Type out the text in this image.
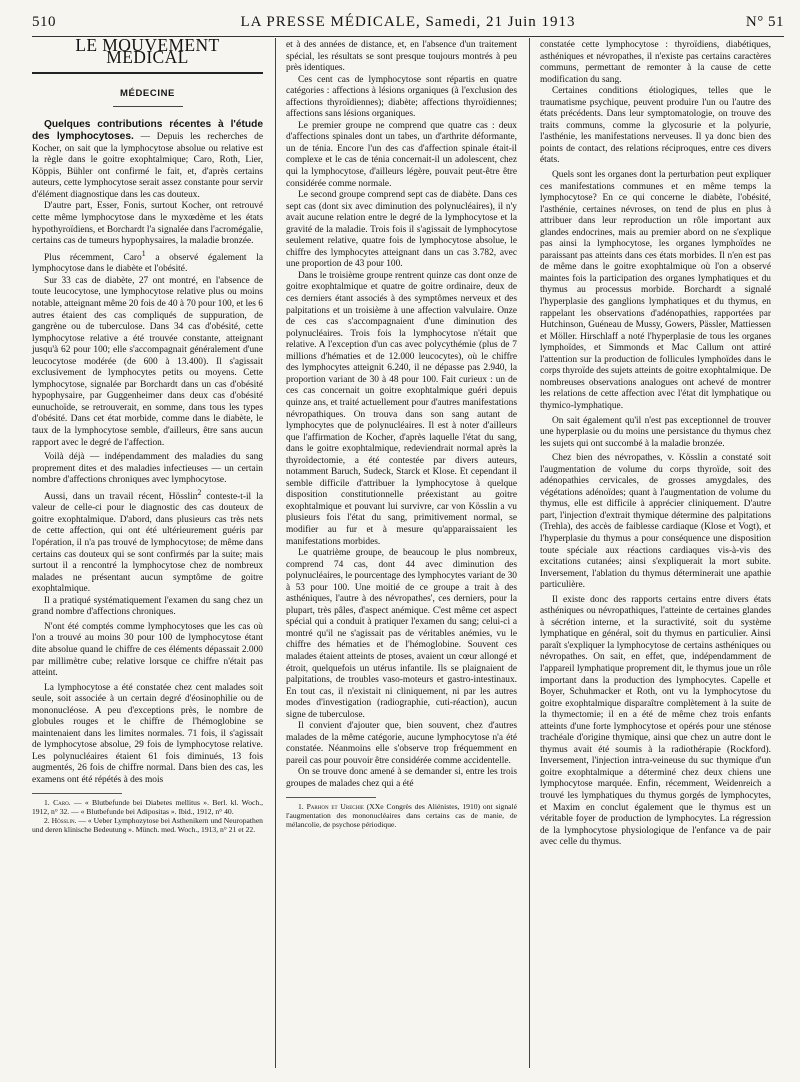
510	LA PRESSE MÉDICALE, Samedi, 21 Juin 1913	N° 51

LE MOUVEMENT MÉDICAL

MÉDECINE

Quelques contributions récentes à l'étude des lymphocytoses. — Depuis les recherches de Kocher, on sait que la lymphocytose absolue ou relative est la règle dans le goitre exophtalmique; Caro, Roth, Lier, Köppis, Bühler ont confirmé le fait, et, d'après certains auteurs, cette lymphocytose serait assez constante pour servir d'élément diagnostique dans les cas douteux.

D'autre part, Esser, Fonis, surtout Kocher, ont retrouvé cette même lymphocytose dans le myxœdème et les états hypothyroïdiens, et Borchardt l'a signalée dans l'acromégalie, certains cas de tumeurs hypophysaires, la maladie bronzée.

Plus récemment, Caro$^1$ a observé également la lymphocytose dans le diabète et l'obésité.

Sur 33 cas de diabète, 27 ont montré, en l'absence de toute leucocytose, une lymphocytose relative plus ou moins notable, atteignant même 20 fois de 40 à 70 pour 100, et les 6 autres étaient des cas compliqués de suppuration, de gangrène ou de tuberculose. Dans 34 cas d'obésité, cette lymphocytose relative a été trouvée constante, atteignant jusqu'à 62 pour 100; elle s'accompagnait généralement d'une leucocytose modérée (de 600 à 13.400). Il s'agissait exclusivement de lymphocytes petits ou moyens. Cette lymphocytose, signalée par Borchardt dans un cas d'obésité hypophysaire, par Guggenheimer dans deux cas d'obésité eunuchoïde, se retrouverait, en somme, dans tous les types d'obésité. Dans cet état morbide, comme dans le diabète, le taux de la lymphocytose semble, d'ailleurs, être sans aucun rapport avec le degré de l'affection.

Voilà déjà — indépendamment des maladies du sang proprement dites et des maladies infectieuses — un certain nombre d'affections chroniques avec lymphocytose.

Aussi, dans un travail récent, Hösslin$^2$ conteste-t-il la valeur de celle-ci pour le diagnostic des cas douteux de goitre exophtalmique. D'abord, dans plusieurs cas très nets de cette affection, qui ont été ultérieurement guéris par l'opération, il n'a pas trouvé de lymphocytose; de même dans certains cas douteux qui se sont confirmés par la suite; mais surtout il a rencontré la lymphocytose chez de nombreux malades ne présentant aucun symptôme de goitre exophtalmique.

Il a pratiqué systématiquement l'examen du sang chez un grand nombre d'affections chroniques.

N'ont été comptés comme lymphocytoses que les cas où l'on a trouvé au moins 30 pour 100 de lymphocytose étant dite absolue quand le chiffre de ces éléments dépassait 2.000 par millimètre cube; relative lorsque ce chiffre n'était pas atteint.

La lymphocytose a été constatée chez cent malades soit seule, soit associée à un certain degré d'éosinophilie ou de mononucléose. A peu d'exceptions près, le nombre de globules rouges et le chiffre de l'hémoglobine se maintenaient dans les limites normales. 71 fois, il s'agissait de lymphocytose absolue, 29 fois de lymphocytose relative. Les polynucléaires étaient 61 fois diminués, 13 fois augmentés, 26 fois de chiffre normal. Dans bien des cas, les examens ont été répétés à des mois

1. Caro. — « Blutbefunde bei Diabetes mellitus ». Berl. kl. Woch., 1912, n° 32. — « Blutbefunde bei Adipositas ». Ibid., 1912, n° 40.

2. Hösslin. — « Ueber Lymphozytose bei Asthenikern und Neuropathen und deren klinische Bedeutung ». Münch. med. Woch., 1913, n° 21 et 22.

et à des années de distance, et, en l'absence d'un traitement spécial, les résultats se sont presque toujours montrés à peu près identiques.

Ces cent cas de lymphocytose sont répartis en quatre catégories : affections à lésions organiques (à l'exclusion des affections thyroïdiennes); diabète; affections thyroïdiennes; affections sans lésions organiques.

Le premier groupe ne comprend que quatre cas : deux d'affections spinales dont un tabes, un d'arthrite déformante, un de ténia. Encore l'un des cas d'affection spinale était-il complexe et le cas de ténia concernait-il un adolescent, chez qui la lymphocytose, d'ailleurs légère, pouvait peut-être être considérée comme normale.

Le second groupe comprend sept cas de diabète. Dans ces sept cas (dont six avec diminution des polynucléaires), il n'y avait aucune relation entre le degré de la lymphocytose et la gravité de la maladie. Trois fois il s'agissait de lymphocytose seulement relative, quatre fois de lymphocytose absolue, le chiffre des lymphocytes atteignant dans un cas 3.782, avec une proportion de 43 pour 100.

Dans le troisième groupe rentrent quinze cas dont onze de goitre exophtalmique et quatre de goitre ordinaire, deux de ces derniers étant associés à des symptômes nerveux et des palpitations et un troisième à une affection valvulaire. Onze de ces cas s'accompagnaient d'une diminution des polynucléaires. Trois fois la lymphocytose n'était que relative. A l'exception d'un cas avec polycythémie (plus de 7 millions d'hématies et de 12.000 leucocytes), où le chiffre des lymphocytes atteignit 6.240, il ne dépasse pas 2.940, la proportion variant de 30 à 48 pour 100. Fait curieux : un de ces cas concernait un goitre exophtalmique guéri depuis quinze ans, et traité actuellement pour d'autres manifestations névropathiques. On trouva dans son sang autant de lymphocytes que de polynucléaires. Il est à noter d'ailleurs que l'affirmation de Kocher, d'après laquelle l'état du sang, dans le goitre exophtalmique, redeviendrait normal après la thyroïdectomie, a été contestée par divers auteurs, notamment Baruch, Sudeck, Starck et Klose. Et cependant il semble difficile d'attribuer la lymphocytose à quelque disposition constitutionnelle préexistant au goitre exophtalmique et pouvant lui survivre, car von Kösslin a vu plusieurs fois l'état du sang, primitivement normal, se modifier au fur et à mesure qu'apparaissaient les manifestations morbides.

Le quatrième groupe, de beaucoup le plus nombreux, comprend 74 cas, dont 44 avec diminution des polynucléaires, le pourcentage des lymphocytes variant de 30 à 53 pour 100. Une moitié de ce groupe a trait à des asthéniques, l'autre à des névropathes', ces derniers, pour la plupart, très pâles, d'aspect anémique. C'est même cet aspect spécial qui a conduit à pratiquer l'examen du sang; celui-ci a montré qu'il ne s'agissait pas de véritables anémies, vu le chiffre des hématies et de l'hémoglobine. Souvent ces malades étaient atteints de ptoses, avaient un cœur allongé et étroit, quelquefois un utérus infantile. Ils se plaignaient de palpitations, de troubles vaso-moteurs et gastro-intestinaux. En tout cas, il n'existait ni cliniquement, ni par les autres modes d'investigation (radiographie, cuti-réaction), aucun signe de tuberculose.

Il convient d'ajouter que, bien souvent, chez d'autres malades de la même catégorie, aucune lymphocytose n'a été constatée. Néanmoins elle s'observe trop fréquemment en pareil cas pour pouvoir être considérée comme accidentelle.

On se trouve donc amené à se demander si, entre les trois groupes de malades chez qui a été

1. Parhon et Urechie (XXe Congrès des Aliénistes, 1910) ont signalé l'augmentation des mononucléaires dans certains cas de manie, de mélancolie, de psychose périodique.

constatée cette lymphocytose : thyroïdiens, diabétiques, asthéniques et névropathes, il n'existe pas certains caractères communs, permettant de remonter à la cause de cette modification du sang.

Certaines conditions étiologiques, telles que le traumatisme psychique, peuvent produire l'un ou l'autre des états précédents. Dans leur symptomatologie, on trouve des traits communs, comme la glycosurie et la polyurie, l'asthénie, les manifestations nerveuses. Il ya donc bien des points de contact, des relations réciproques, entre ces divers états.

Quels sont les organes dont la perturbation peut expliquer ces manifestations communes et en même temps la lymphocytose? En ce qui concerne le diabète, l'obésité, l'asthénie, certaines névroses, on tend de plus en plus à attribuer dans leur reproduction un rôle important aux glandes endocrines, mais au premier abord on ne s'explique pas ainsi la lymphocytose, les organes lymphoïdes ne paraissant pas atteints dans ces états morbides. Il n'en est pas de même dans le goitre exophtalmique où l'on a observé maintes fois la participation des organes lymphatiques et du thymus au processus morbide. Borchardt a signalé l'hyperplasie des ganglions lymphatiques et du thymus, en rappelant les observations d'adénopathies, rapportées par Hutchinson, Guéneau de Mussy, Gowers, Pässler, Mattiessen et Möller. Hirschlaff a noté l'hyperplasie de tous les organes lymphoïdes, et Simmonds et Mac Callum ont attiré l'attention sur la production de follicules lymphoïdes dans le corps thyroïde des sujets atteints de goitre exophtalmique. De nombreuses observations analogues ont achevé de montrer les relations de cette affection avec l'état dit lymphatique ou thymico-lymphatique.

On sait également qu'il n'est pas exceptionnel de trouver une hyperplasie ou du moins une persistance du thymus chez les sujets qui ont succombé à la maladie bronzée.

Chez bien des névropathes, v. Kösslin a constaté soit l'augmentation de volume du corps thyroïde, soit des adénopathies cervicales, de grosses amygdales, des végétations adénoïdes; quant à l'augmentation de volume du thymus, elle est difficile à apprécier cliniquement. D'autre part, l'injection d'extrait thymique détermine des palpitations (Trehla), des accès de faiblesse cardiaque (Klose et Vogt), et l'hyperplasie du thymus a pour conséquence une disposition toute spéciale aux réactions cardiaques vis-à-vis des excitations cutanées; ainsi s'expliquerait la mort subite. Inversement, l'ablation du thymus déterminerait une apathie particulière.

Il existe donc des rapports certains entre divers états asthéniques ou névropathiques, l'atteinte de certaines glandes à sécrétion interne, et la suractivité, soit du système lymphatique en général, soit du thymus en particulier. Ainsi paraît s'expliquer la lymphocytose de certains asthéniques ou névropathes. On sait, en effet, que, indépendamment de l'appareil lymphatique proprement dit, le thymus joue un rôle important dans la production des lymphocytes. Capelle et Boyer, Schuhmacker et Roth, ont vu la lymphocytose du goitre exophtalmique disparaître complètement à la suite de la thymectomie; il en a été de même chez trois enfants atteints d'une forte lymphocytose et opérés pour une sténose trachéale d'origine thymique, ainsi que chez un autre dont le thymus avait été soumis à la radiothérapie (Rockford). Inversement, l'injection intra-veineuse du suc thymique d'un goitre exophtalmique a déterminé chez deux chiens une lymphocytose marquée. Enfin, récemment, Weidenreich a trouvé les lymphatiques du thymus gorgés de lymphocytes, et Maxim en conclut également que le thymus est un véritable foyer de production de lymphocytes. La régression de la lymphocytose physiologique de l'enfance va de pair avec celle du thymus.
